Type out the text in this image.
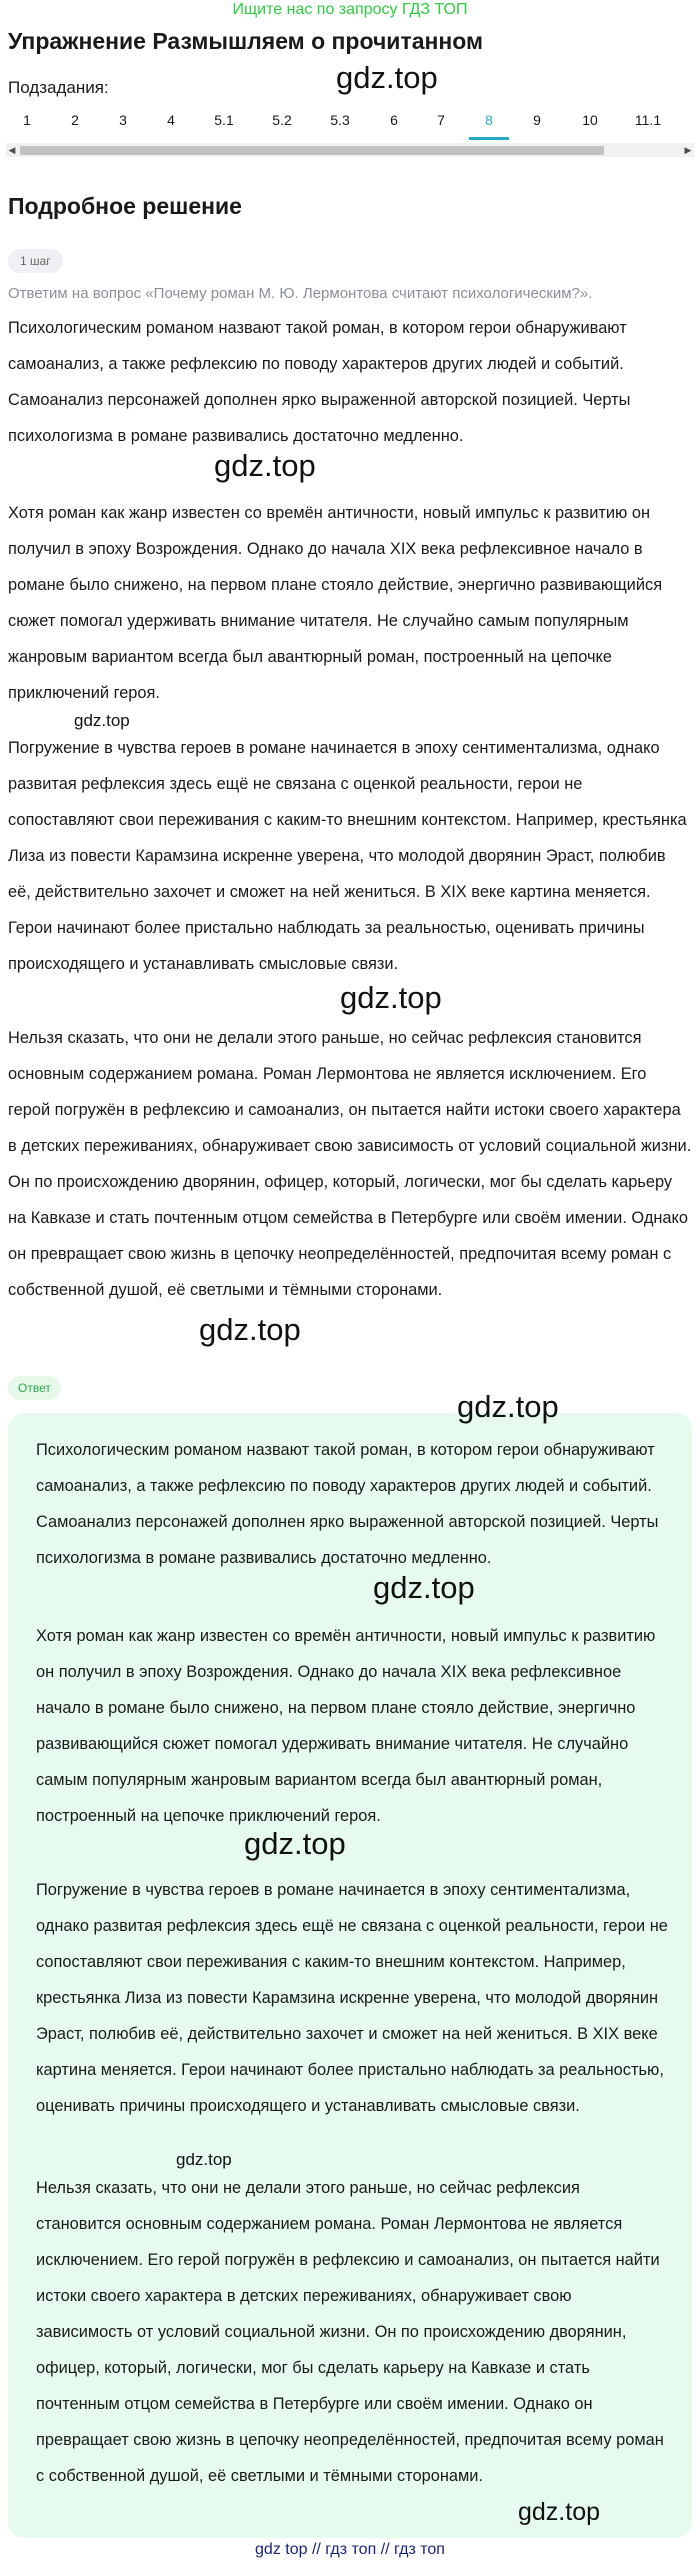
Ищите нас по запросу ГДЗ ТОП
Упражнение Размышляем о прочитанном
Подзадания:	gdz.top
1	2	3	4	5.1	5.2	5.3	6	7	8	9	10	11.1
◀	▶
Подробное решение
1 шаг
Ответим на вопрос «Почему роман М. Ю. Лермонтова считают психологическим?».
Психологическим романом назвают такой роман, в котором герои обнаруживают самоанализ, а также рефлексию по поводу характеров других людей и событий. Самоанализ персонажей дополнен ярко выраженной авторской позицией. Черты психологизма в романе развивались достаточно медленно.
gdz.top
Хотя роман как жанр известен со времён античности, новый импульс к развитию он получил в эпоху Возрождения. Однако до начала XIX века рефлексивное начало в романе было снижено, на первом плане стояло действие, энергично развивающийся сюжет помогал удерживать внимание читателя. Не случайно самым популярным жанровым вариантом всегда был авантюрный роман, построенный на цепочке приключений героя.
gdz.top
Погружение в чувства героев в романе начинается в эпоху сентиментализма, однако развитая рефлексия здесь ещё не связана с оценкой реальности, герои не сопоставляют свои переживания с каким-то внешним контекстом. Например, крестьянка Лиза из повести Карамзина искренне уверена, что молодой дворянин Эраст, полюбив её, действительно захочет и сможет на ней жениться. В XIX веке картина меняется. Герои начинают более пристально наблюдать за реальностью, оценивать причины происходящего и устанавливать смысловые связи.
gdz.top
Нельзя сказать, что они не делали этого раньше, но сейчас рефлексия становится основным содержанием романа. Роман Лермонтова не является исключением. Его герой погружён в рефлексию и самоанализ, он пытается найти истоки своего характера в детских переживаниях, обнаруживает свою зависимость от условий социальной жизни. Он по происхождению дворянин, офицер, который, логически, мог бы сделать карьеру на Кавказе и стать почтенным отцом семейства в Петербурге или своём имении. Однако он превращает свою жизнь в цепочку неопределённостей, предпочитая всему роман с собственной душой, её светлыми и тёмными сторонами.
gdz.top
Ответ
gdz.top
Психологическим романом назвают такой роман, в котором герои обнаруживают самоанализ, а также рефлексию по поводу характеров других людей и событий. Самоанализ персонажей дополнен ярко выраженной авторской позицией. Черты психологизма в романе развивались достаточно медленно.
gdz.top
Хотя роман как жанр известен со времён античности, новый импульс к развитию он получил в эпоху Возрождения. Однако до начала XIX века рефлексивное начало в романе было снижено, на первом плане стояло действие, энергично развивающийся сюжет помогал удерживать внимание читателя. Не случайно самым популярным жанровым вариантом всегда был авантюрный роман, построенный на цепочке приключений героя.
gdz.top
Погружение в чувства героев в романе начинается в эпоху сентиментализма, однако развитая рефлексия здесь ещё не связана с оценкой реальности, герои не сопоставляют свои переживания с каким-то внешним контекстом. Например, крестьянка Лиза из повести Карамзина искренне уверена, что молодой дворянин Эраст, полюбив её, действительно захочет и сможет на ней жениться. В XIX веке картина меняется. Герои начинают более пристально наблюдать за реальностью, оценивать причины происходящего и устанавливать смысловые связи.
gdz.top
Нельзя сказать, что они не делали этого раньше, но сейчас рефлексия становится основным содержанием романа. Роман Лермонтова не является исключением. Его герой погружён в рефлексию и самоанализ, он пытается найти истоки своего характера в детских переживаниях, обнаруживает свою зависимость от условий социальной жизни. Он по происхождению дворянин, офицер, который, логически, мог бы сделать карьеру на Кавказе и стать почтенным отцом семейства в Петербурге или своём имении. Однако он превращает свою жизнь в цепочку неопределённостей, предпочитая всему роман с собственной душой, её светлыми и тёмными сторонами.
gdz.top
gdz top // гдз топ // гдз топ
